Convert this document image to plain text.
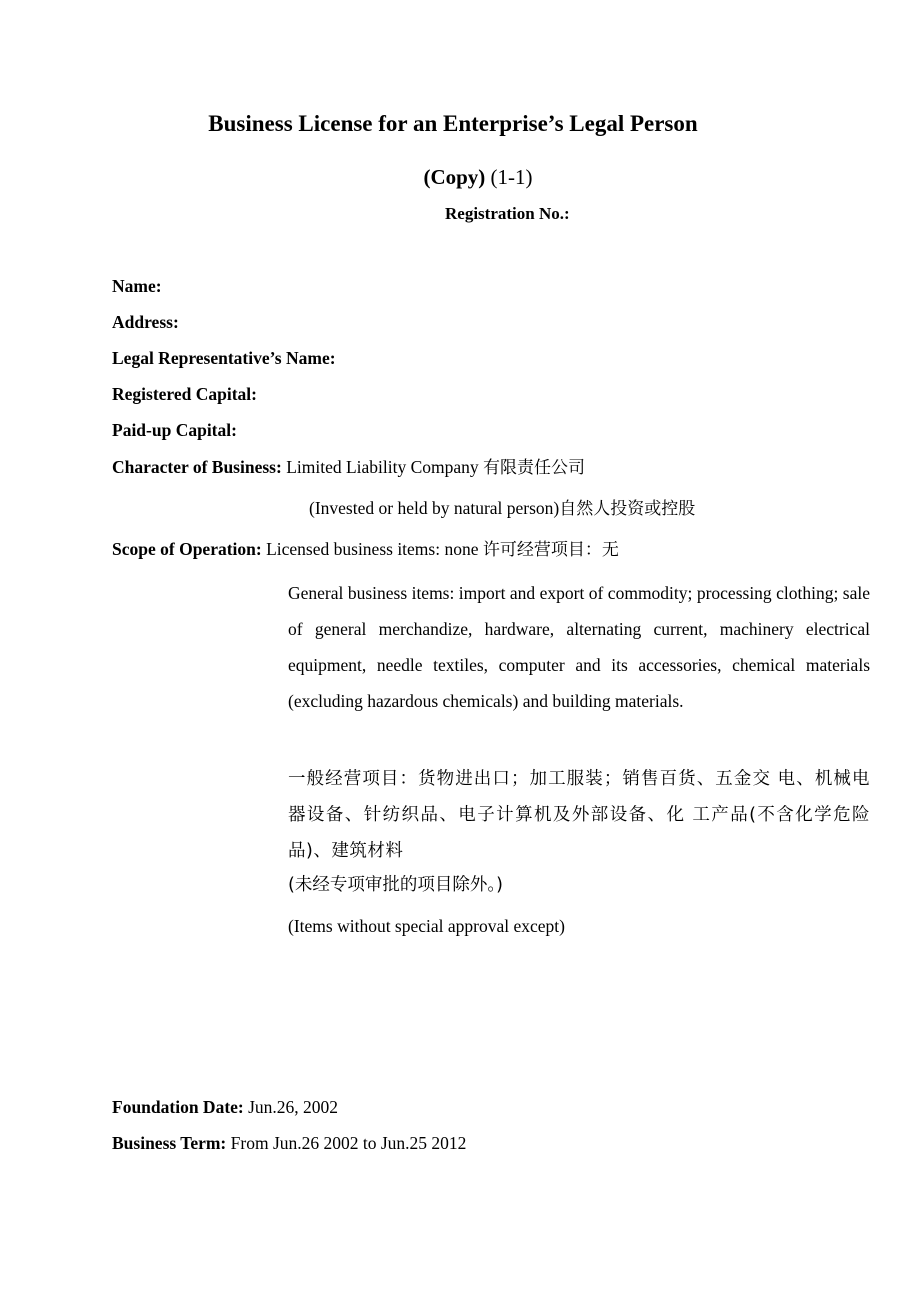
Business License for an Enterprise’s Legal Person
(Copy) (1-1)
Registration No.:
Name:
Address:
Legal Representative’s Name:
Registered Capital:
Paid-up Capital:
Character of Business: Limited Liability Company 有限责任公司
(Invested or held by natural person)自然人投资或控股
Scope of Operation: Licensed business items: none 许可经营项目：无
General business items: import and export of commodity; processing clothing; sale of general merchandize, hardware, alternating current, machinery electrical equipment, needle textiles, computer and its accessories, chemical materials (excluding hazardous chemicals) and building materials.
一般经营项目：货物进出口；加工服装；销售百货、五金交 电、机械电器设备、针纺织品、电子计算机及外部设备、化 工产品(不含化学危险品)、建筑材料
(未经专项审批的项目除外。)
(Items without special approval except)
Foundation Date: Jun.26, 2002
Business Term: From Jun.26 2002 to Jun.25 2012
